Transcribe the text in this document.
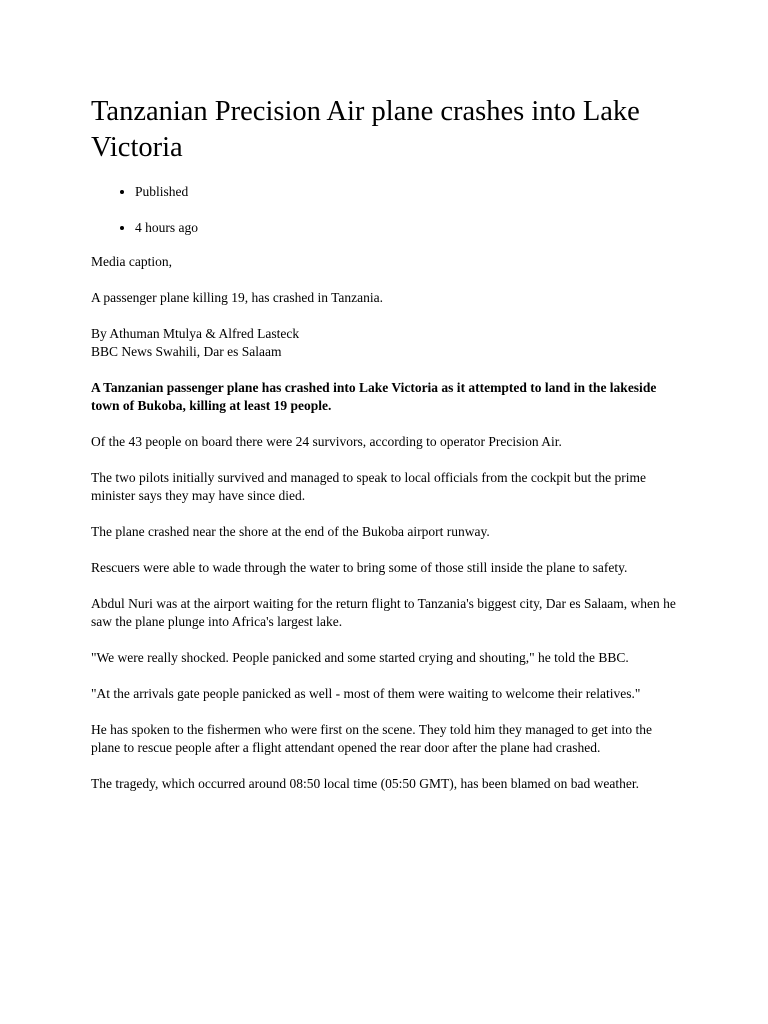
Tanzanian Precision Air plane crashes into Lake Victoria
• Published
• 4 hours ago

Media caption,

A passenger plane killing 19, has crashed in Tanzania.

By Athuman Mtulya & Alfred Lasteck
BBC News Swahili, Dar es Salaam

A Tanzanian passenger plane has crashed into Lake Victoria as it attempted to land in the lakeside town of Bukoba, killing at least 19 people.

Of the 43 people on board there were 24 survivors, according to operator Precision Air.

The two pilots initially survived and managed to speak to local officials from the cockpit but the prime minister says they may have since died.

The plane crashed near the shore at the end of the Bukoba airport runway.

Rescuers were able to wade through the water to bring some of those still inside the plane to safety.

Abdul Nuri was at the airport waiting for the return flight to Tanzania's biggest city, Dar es Salaam, when he saw the plane plunge into Africa's largest lake.

"We were really shocked. People panicked and some started crying and shouting," he told the BBC.

"At the arrivals gate people panicked as well - most of them were waiting to welcome their relatives."

He has spoken to the fishermen who were first on the scene. They told him they managed to get into the plane to rescue people after a flight attendant opened the rear door after the plane had crashed.

The tragedy, which occurred around 08:50 local time (05:50 GMT), has been blamed on bad weather.
